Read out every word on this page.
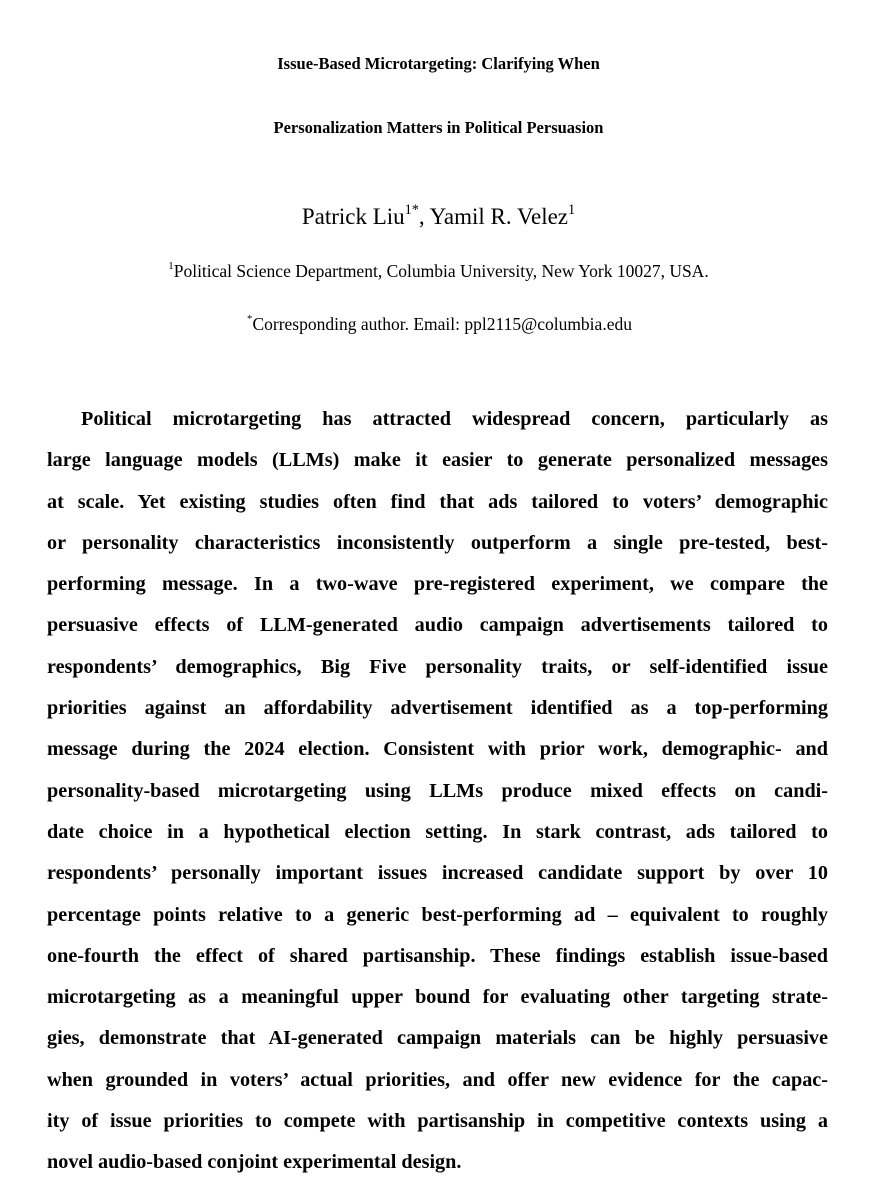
Issue-Based Microtargeting: Clarifying When
Personalization Matters in Political Persuasion
Patrick Liu$^{1*}$, Yamil R. Velez$^1$
$^1$Political Science Department, Columbia University, New York 10027, USA.
*Corresponding author. Email: ppl2115@columbia.edu

Political microtargeting has attracted widespread concern, particularly as
large language models (LLMs) make it easier to generate personalized messages
at scale. Yet existing studies often find that ads tailored to voters’ demographic
or personality characteristics inconsistently outperform a single pre-tested, best-
performing message. In a two-wave pre-registered experiment, we compare the
persuasive effects of LLM-generated audio campaign advertisements tailored to
respondents’ demographics, Big Five personality traits, or self-identified issue
priorities against an affordability advertisement identified as a top-performing
message during the 2024 election. Consistent with prior work, demographic- and
personality-based microtargeting using LLMs produce mixed effects on candi-
date choice in a hypothetical election setting. In stark contrast, ads tailored to
respondents’ personally important issues increased candidate support by over 10
percentage points relative to a generic best-performing ad – equivalent to roughly
one-fourth the effect of shared partisanship. These findings establish issue-based
microtargeting as a meaningful upper bound for evaluating other targeting strate-
gies, demonstrate that AI-generated campaign materials can be highly persuasive
when grounded in voters’ actual priorities, and offer new evidence for the capac-
ity of issue priorities to compete with partisanship in competitive contexts using a
novel audio-based conjoint experimental design.
